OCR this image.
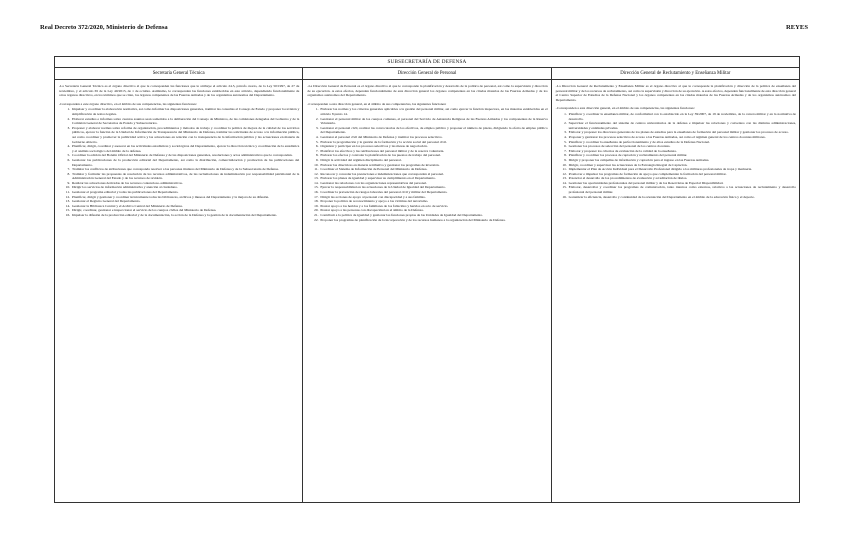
Real Decreto 372/2020, Ministerio de Defensa	REYES
SUBSECRETARÍA DE DEFENSA
Secretaría General Técnica

-La Secretaría General Técnica es el órgano directivo al que le corresponden las funciones que le atribuye el artículo 24.5, párrafo cuarto, de la Ley 50/1997, de 27 de noviembre, y el artículo 65 de la Ley 40/2015, de 1 de octubre. Asimismo, le corresponden las funciones establecidas en este artículo, dependiendo funcionalmente de otros órganos directivos, en los términos que se citan, los órganos competentes de las Fuerzas Armadas y de los organismos autónomos del Departamento.

-Corresponden a este órgano directivo, en el ámbito de sus competencias, las siguientes funciones:

1. Impulsar y coordinar la elaboración normativa, así como informar las disposiciones generales, tramitar las consultas al Consejo de Estado y proponer la revisión y simplificación de textos legales.
2. Elaborar estudios e informes sobre cuantos asuntos sean sometidos a la deliberación del Consejo de Ministros, de las comisiones delegadas del Gobierno y de la Comisión General de Secretarios de Estado y Subsecretarios.
3. Proponer y elaborar normas sobre reforma de organización, procedimientos y métodos de trabajo y coordinar la política de mejora de la calidad de los servicios públicos, ejercer la función de la Unidad de Información de Transparencia del Ministerio de Defensa, tramitar las solicitudes de acceso a la información pública, así como coordinar y promover la publicidad activa y las actuaciones en relación con la transparencia de la información pública y las actuaciones en materia de Gobierno Abierto.
4. Planificar, dirigir, coordinar y asesorar en las actividades estadísticas y sociológicas del Departamento, ejercer la dirección técnica y coordinación de la estadística y el análisis sociológico del ámbito de la defensa.
5. Coordinar la edición del Boletín Oficial del Ministerio de Defensa y de las disposiciones generales, resoluciones y actos administrativos que le correspondan.
6. Gestionar las publicaciones de la producción editorial del Departamento, así como la distribución, comercialización y promoción de las publicaciones del Departamento.
7. Tramitar los conflictos de atribuciones que corresponda resolver a las personas titulares del Ministerio de Defensa y de la Subsecretaría de Defensa.
8. Tramitar y formular las propuestas de resolución de los recursos administrativos, de las reclamaciones de indemnización por responsabilidad patrimonial de la Administración General del Estado y de los recursos de revisión.
9. Realizar las actuaciones derivadas de los recursos contencioso-administrativos.
10. Dirigir los servicios de información administrativa y atención al ciudadano.
11. Gestionar el programa editorial y todas las publicaciones del Departamento.
12. Planificar, dirigir y gestionar y coordinar técnicamente todas las bibliotecas, archivos y museos del Departamento y la mejora de su difusión.
13. Gestionar el Registro General del Departamento.
14. Gestionar la Biblioteca Central y el Archivo Central del Ministerio de Defensa.
15. Dirigir, coordinar, gestionar e inspeccionar el servicio de los cuerpos civiles del Ministerio de Defensa.
16. Impulsar la difusión de la producción editorial y de la documentación, la acción de la Defensa y la gestión de la documentación del Departamento.
Dirección General de Personal

-La Dirección General de Personal es el órgano directivo al que le corresponde la planificación y desarrollo de la política de personal, así como la supervisión y dirección de su ejecución. A estos efectos, dependen funcionalmente de esta dirección general los órganos competentes en las citadas materias de las Fuerzas Armadas y de los organismos autónomos del Departamento.

-Corresponden a esta dirección general, en el ámbito de sus competencias, las siguientes funciones:

1. Elaborar las normas y los criterios generales aplicables a la gestión del personal militar, así como ejercer la función inspectora, en las materias establecidas en el artículo 8 punto 14.
2. Gestionar el personal militar de los cuerpos comunes, el personal del Servicio de Asistencia Religiosa de las Fuerzas Armadas y los componentes de la Reserva Voluntaria.
3. Gestionar el personal civil, realizar las convocatorias de los efectivos, de empleo público y proponer el número de plazas, dirigiendo la oferta de empleo público del Departamento.
4. Gestionar el personal civil del Ministerio de Defensa y tramitar los procesos selectivos.
5. Elaborar la programación y la gestión de la formación y la acción social del personal civil.
6. Organizar y participar en los procesos selectivos y las mesas de negociación.
7. Planificar los efectivos y las retribuciones del personal militar y de la reserva voluntaria.
8. Elaborar los efectos y controlar la planificación de los puestos de trabajo del personal.
9. Dirigir la actividad del régimen disciplinario del personal.
10. Elaborar las directrices en materia retributiva y gestionar los programas de inversión.
11. Coordinar el Sistema de Información de Personal del Ministerio de Defensa.
12. Reconocer y conceder las prestaciones e indemnizaciones que correspondan al personal.
13. Elaborar los planes de igualdad y supervisar su cumplimiento en el Departamento.
14. Gestionar las relaciones con las organizaciones representativas del personal.
15. Ejercer la responsabilidad en las actuaciones de la Unidad de Igualdad del Departamento.
16. Coordinar la prevención de riesgos laborales del personal civil y militar del Departamento.
17. Dirigir las acciones de apoyo al personal con discapacidad y a sus familias.
18. Proponer la política de reconocimiento y apoyo a las víctimas del terrorismo.
19. Prestar apoyo a los heridos y a los familiares de los fallecidos y heridos en acto de servicio.
20. Prestar apoyo a las personas con discapacidad en el ámbito de la Defensa.
21. Contribuir a la política de igualdad y gestionar las funciones propias de las Unidades de Igualdad del Departamento.
22. Proponer los programas de planificación de la incorporación y de los recursos humanos a la organización del Ministerio de Defensa.
Dirección General de Reclutamiento y Enseñanza Militar

-La Dirección General de Reclutamiento y Enseñanza Militar es el órgano directivo al que le corresponde la planificación y dirección de la política de enseñanza del personal militar y de los recursos de reclutamiento, así como la supervisión y dirección de su ejecución. A estos efectos, dependen funcionalmente de esta dirección general el Centro Superior de Estudios de la Defensa Nacional y los órganos competentes en las citadas materias de las Fuerzas Armadas y de los organismos autónomos del Departamento.

-Corresponden a esta dirección general, en el ámbito de sus competencias, las siguientes funciones:

1. Planificar y coordinar la enseñanza militar, de conformidad con lo establecido en la Ley 39/2007, de 19 de noviembre, de la carrera militar y en la normativa de desarrollo.
2. Supervisar el funcionamiento del sistema de centros universitarios de la defensa e impulsar las relaciones y convenios con las distintas administraciones, universidades y entidades privadas.
3. Elaborar y proponer los directores generales de los planes de estudios para la enseñanza de formación del personal militar y gestionar los procesos de acceso.
4. Proponer y gestionar los procesos selectivos de acceso a las Fuerzas Armadas, así como el régimen general de los centros docentes militares.
5. Planificar y coordinar la enseñanza de perfeccionamiento y de altos estudios de la Defensa Nacional.
6. Gestionar los procesos de selección del personal de los centros docentes.
7. Elaborar y proponer los criterios de evaluación de la calidad de la enseñanza.
8. Planificar y coordinar los procesos de captación y reclutamiento del personal militar.
9. Dirigir y proponer las campañas de información y captación para el ingreso en las Fuerzas Armadas.
10. Dirigir, coordinar y supervisar las actuaciones de la Estrategia Integral de Captación.
11. Implementar el Plan de Acción Individual para el Desarrollo Profesional dirigido a los militares profesionales de tropa y marinería.
12. Promover e impulsar los programas de formación de apoyo que complementan la formación del personal militar.
13. Potenciar el desarrollo de los procedimientos de evaluación y acreditación de títulos.
14. Gestionar las oportunidades profesionales del personal militar y de los Reservistas de Especial Disponibilidad.
15. Elaborar, desarrollar y coordinar los programas de comunicación, tanto internos como externos, relativos a las actuaciones de reclutamiento y desarrollo profesional del personal militar.
16. Garantizar la eficiencia, desarrollo y continuidad de la orientación del Departamento en el ámbito de la educación física y el deporte.
